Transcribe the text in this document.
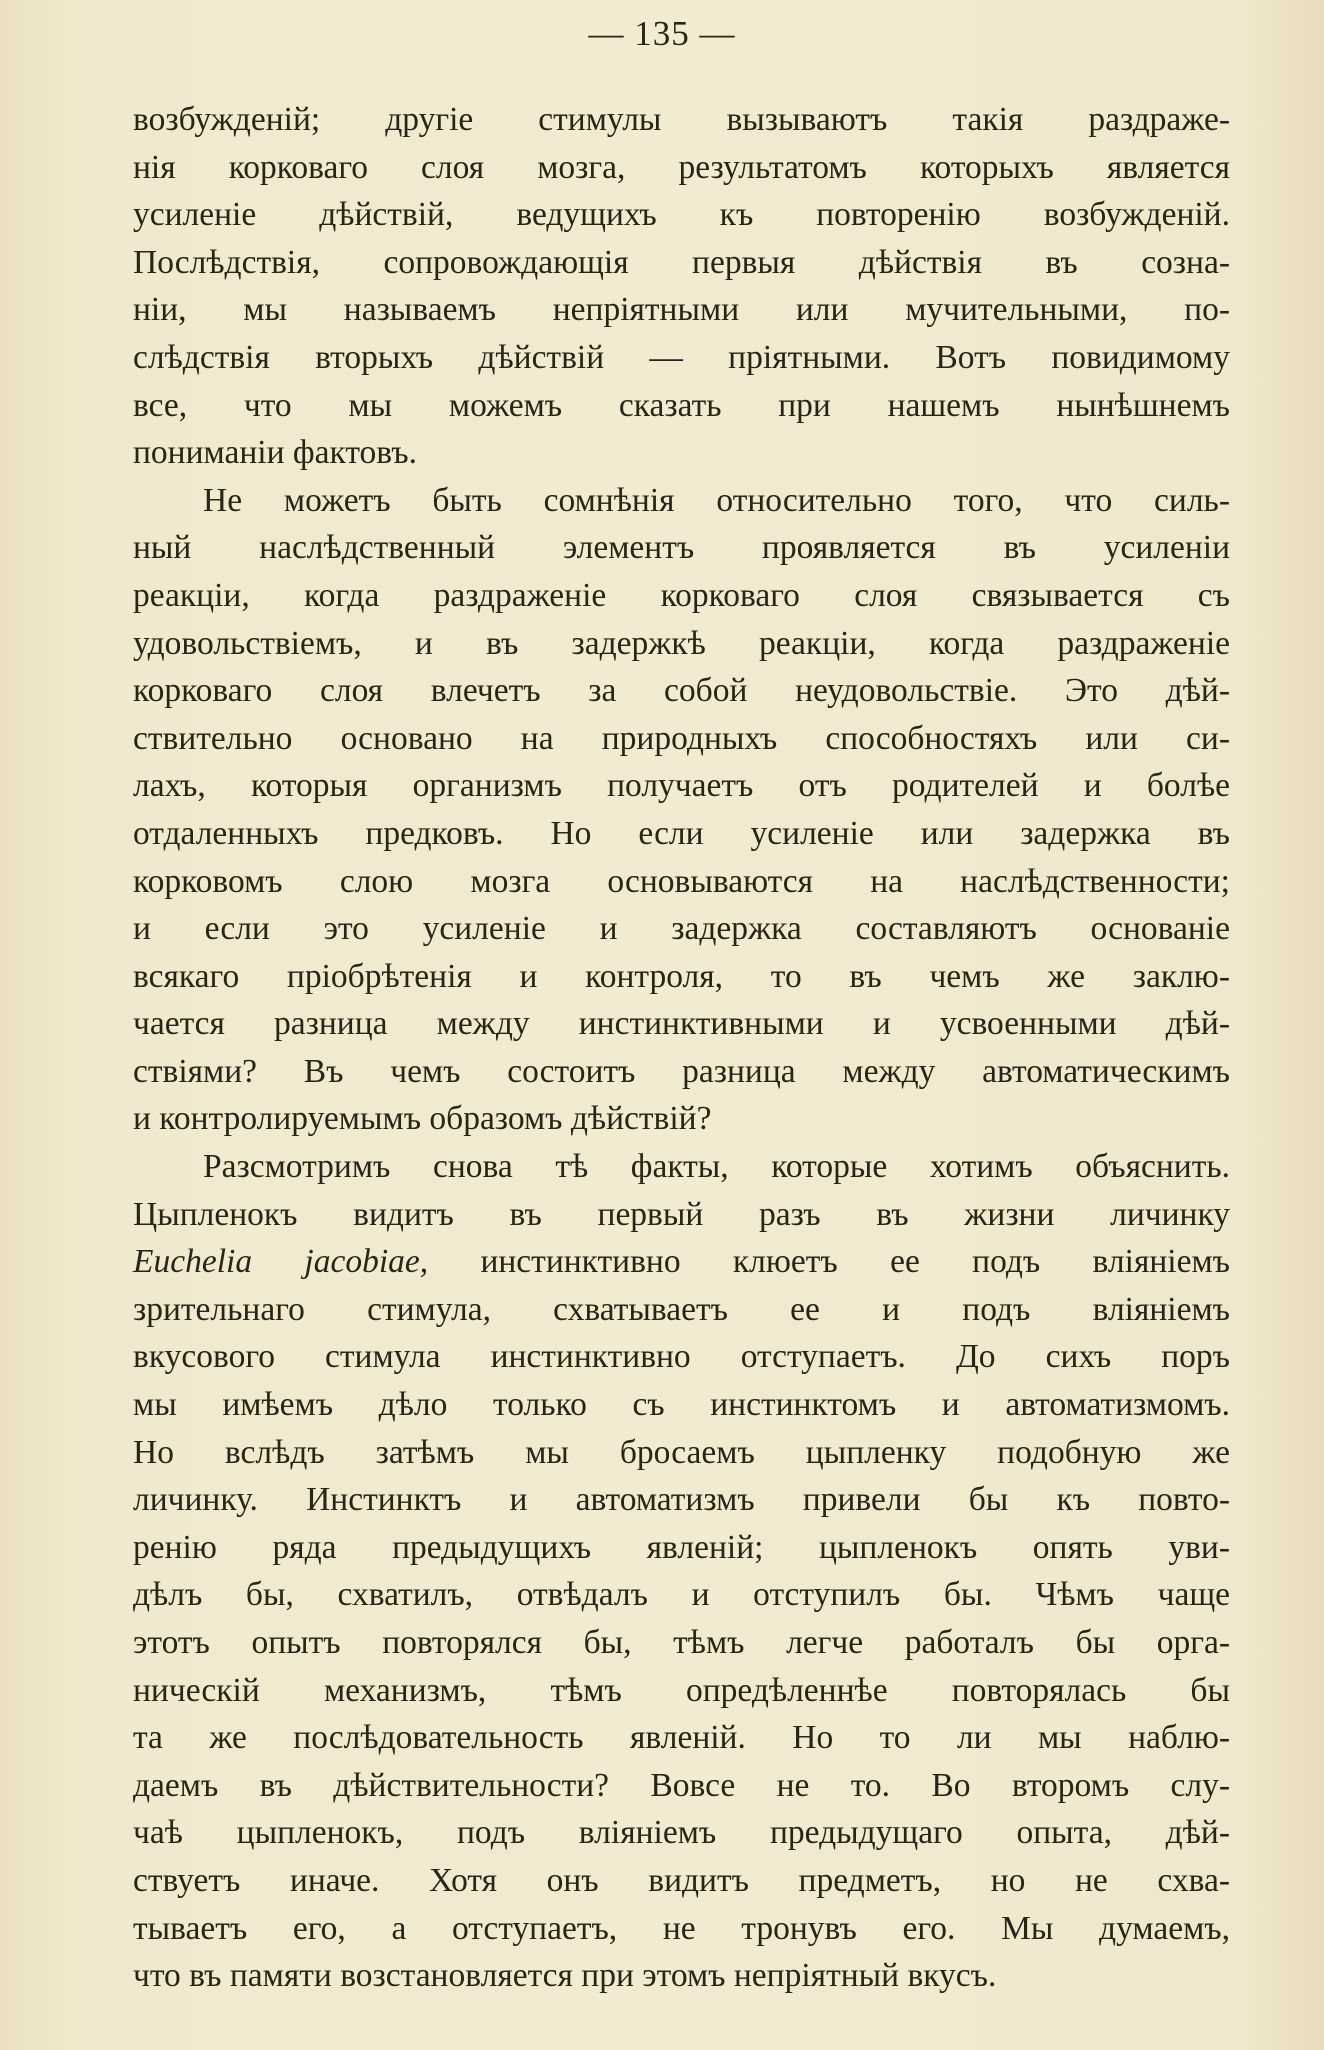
— 135 —
возбужденій; другіе стимулы вызываютъ такія раздраже-
нія корковаго слоя мозга, результатомъ которыхъ является
усиленіе дѣйствій, ведущихъ къ повторенію возбужденій.
Послѣдствія, сопровождающія первыя дѣйствія въ созна-
ніи, мы называемъ непріятными или мучительными, по-
слѣдствія вторыхъ дѣйствій — пріятными. Вотъ повидимому
все, что мы можемъ сказать при нашемъ нынѣшнемъ
пониманіи фактовъ.
Не можетъ быть сомнѣнія относительно того, что силь-
ный наслѣдственный элементъ проявляется въ усиленіи
реакціи, когда раздраженіе корковаго слоя связывается съ
удовольствіемъ, и въ задержкѣ реакціи, когда раздраженіе
корковаго слоя влечетъ за собой неудовольствіе. Это дѣй-
ствительно основано на природныхъ способностяхъ или си-
лахъ, которыя организмъ получаетъ отъ родителей и болѣе
отдаленныхъ предковъ. Но если усиленіе или задержка въ
корковомъ слою мозга основываются на наслѣдственности;
и если это усиленіе и задержка составляютъ основаніе
всякаго пріобрѣтенія и контроля, то въ чемъ же заклю-
чается разница между инстинктивными и усвоенными дѣй-
ствіями? Въ чемъ состоитъ разница между автоматическимъ
и контролируемымъ образомъ дѣйствій?
Разсмотримъ снова тѣ факты, которые хотимъ объяснить.
Цыпленокъ видитъ въ первый разъ въ жизни личинку
Euchelia jacobiae, инстинктивно клюетъ ее подъ вліяніемъ
зрительнаго стимула, схватываетъ ее и подъ вліяніемъ
вкусового стимула инстинктивно отступаетъ. До сихъ поръ
мы имѣемъ дѣло только съ инстинктомъ и автоматизмомъ.
Но вслѣдъ затѣмъ мы бросаемъ цыпленку подобную же
личинку. Инстинктъ и автоматизмъ привели бы къ повто-
ренію ряда предыдущихъ явленій; цыпленокъ опять уви-
дѣлъ бы, схватилъ, отвѣдалъ и отступилъ бы. Чѣмъ чаще
этотъ опытъ повторялся бы, тѣмъ легче работалъ бы орга-
ническій механизмъ, тѣмъ опредѣленнѣе повторялась бы
та же послѣдовательность явленій. Но то ли мы наблю-
даемъ въ дѣйствительности? Вовсе не то. Во второмъ слу-
чаѣ цыпленокъ, подъ вліяніемъ предыдущаго опыта, дѣй-
ствуетъ иначе. Хотя онъ видитъ предметъ, но не схва-
тываетъ его, а отступаетъ, не тронувъ его. Мы думаемъ,
что въ памяти возстановляется при этомъ непріятный вкусъ.
